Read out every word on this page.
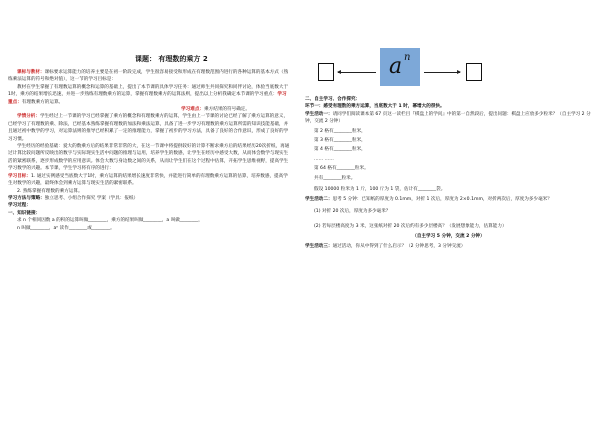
课题： 有理数的乘方 2

课标与教材：课标要求运算能力的培养主要是在初一阶段完成，学生很容易接受和形成在有理数范围内进行的各种运算的基本方式（熟练乘法运算的符号和绝对值），这一节的学习目标是：

教材在学生掌握了有理数运算的概念和运算的基础上，提出了本节课的具体学习任务：通过师生共同探究和同伴讨论，体验当底数大于1时，乘方的结果增长迅速，并进一步熟练有理数乘方的运算，掌握有理数乘方的运算法则，提出以上分析我确定本节课的学习重点：学习重点：有理数乘方的运算。

学习难点：乘方结果的符号确定。

学情分析：学生经过上一节课的学习已经掌握了乘方的概念和有理数乘方的运算，学生由上一节课的讨论已经了解了乘方运算的意义，已经学习了有理数的乘、除法，已经基本熟练掌握有理数的加法和乘法运算，具备了进一步学习有理数的乘方运算所需的知识技能基础，并且通过初中数学的学习，对运算法则的推导已经积累了一定的推理能力，掌握了初步的学习方法，具备了良好的合作意识，形成了良好的学习习惯。

学生经历的经验基础：爱大的数乘方后的结果非常非常的大，在这一节课中将提供较好的计算不断求乘方后的结果经历20次折纸，再通过计算比较问题所反映出的数字与实际现实生活中问题的推理与运用，培养学生的数感，让学生在经历中感受大数，从而体会数学与现实生活的紧密联系，逐步形成数学的应用意识。体会大数与身边数之间的关系，从而让学生们在这个过程中估算，开拓学生思维视野，提高学生学习数学的兴趣。本节课，学生学习将有序的进行：

学习目标：1. 通过实例感受当底数大于1时，乘方运算的结果增长速度非常快，并能进行简单的有理数乘方运算的估算，培养数感，提高学生对数学的兴趣，最终体会到乘方运算与现实生活的紧密联系。

2. 熟练掌握有理数的乘方运算。

学习方法与策略：独立思考、小组合作探究 学案（学具：报纸）

学习过程：

一、知识链接：

求 n 个相同因数 a 的积的运算叫做________，乘方的结果叫做________，a 叫做________，

n 叫做________，aⁿ 读作________或________。

a n

二、自主学习、合作探究：

环节一：感受有理数的乘方运算，当底数大于 1 时，幂增大的很快。

学生活动一：请同学们阅读课本第 67 页这一读栏目『棋盘上的学问』中的第一自然段后，提出问题：棋盘上应放多少粒米？（自主学习 2 分钟，交流 2 分钟）

第 2 格有________粒米，

第 3 格有________粒米，

第 4 格有________粒米，

…… ……

第 64 格有________粒米。

共有________粒米。

假设 10000 粒米为 1 斤，100 斤为 1 袋，估计有________袋。

学生活动二：思考 5 分钟：已知纸的厚度为 0.1mm，对折 1 次后，厚度为 2×0.1mm，对折两次后，厚度为多少毫米？

(1) 对折 20 次后，厚度为多少毫米？

(2) 若每层楼高度为 3 米，这张纸对折 20 次后约有多少层楼高？（发展想象能力，估算能力）

（自主学习 5 分钟，交流 2 分钟）

学生活动三：通过活动，你从中得到了什么启示？（2 分钟思考，3 分钟交流）
